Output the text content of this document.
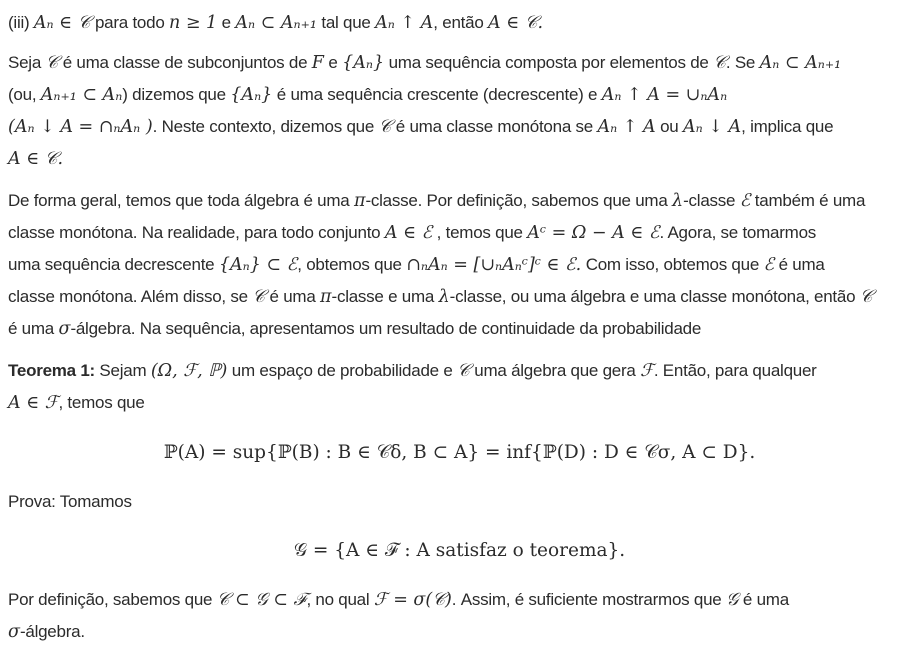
(iii) Aₙ ∈ 𝒞 para todo n ≥ 1 e Aₙ ⊂ Aₙ₊₁ tal que Aₙ ↑ A, então A ∈ 𝒞.

Seja 𝒞 é uma classe de subconjuntos de F e {Aₙ} uma sequência composta por elementos de 𝒞. Se Aₙ ⊂ Aₙ₊₁
(ou, Aₙ₊₁ ⊂ Aₙ) dizemos que {Aₙ} é uma sequência crescente (decrescente) e Aₙ ↑ A = ∪ₙAₙ
(Aₙ ↓ A = ∩ₙAₙ ). Neste contexto, dizemos que 𝒞 é uma classe monótona se Aₙ ↑ A ou Aₙ ↓ A, implica que
A ∈ 𝒞.

De forma geral, temos que toda álgebra é uma π-classe. Por definição, sabemos que uma λ-classe ℰ também é uma
classe monótona. Na realidade, para todo conjunto A ∈ ℰ , temos que Aᶜ = Ω − A ∈ ℰ. Agora, se tomarmos
uma sequência decrescente {Aₙ} ⊂ ℰ, obtemos que ∩ₙAₙ = [∪ₙAₙᶜ]ᶜ ∈ ℰ. Com isso, obtemos que ℰ é uma
classe monótona. Além disso, se 𝒞 é uma π-classe e uma λ-classe, ou uma álgebra e uma classe monótona, então 𝒞
é uma σ-álgebra. Na sequência, apresentamos um resultado de continuidade da probabilidade

Teorema 1: Sejam (Ω, ℱ, ℙ) um espaço de probabilidade e 𝒞 uma álgebra que gera ℱ. Então, para qualquer
A ∈ ℱ, temos que

ℙ(A) = sup{ℙ(B) : B ∈ 𝒞δ, B ⊂ A} = inf{ℙ(D) : D ∈ 𝒞σ, A ⊂ D}.

Prova: Tomamos

𝒢 = {A ∈ ℱ : A satisfaz o teorema}.

Por definição, sabemos que 𝒞 ⊂ 𝒢 ⊂ ℱ, no qual ℱ = σ(𝒞). Assim, é suficiente mostrarmos que 𝒢 é uma
σ-álgebra.
